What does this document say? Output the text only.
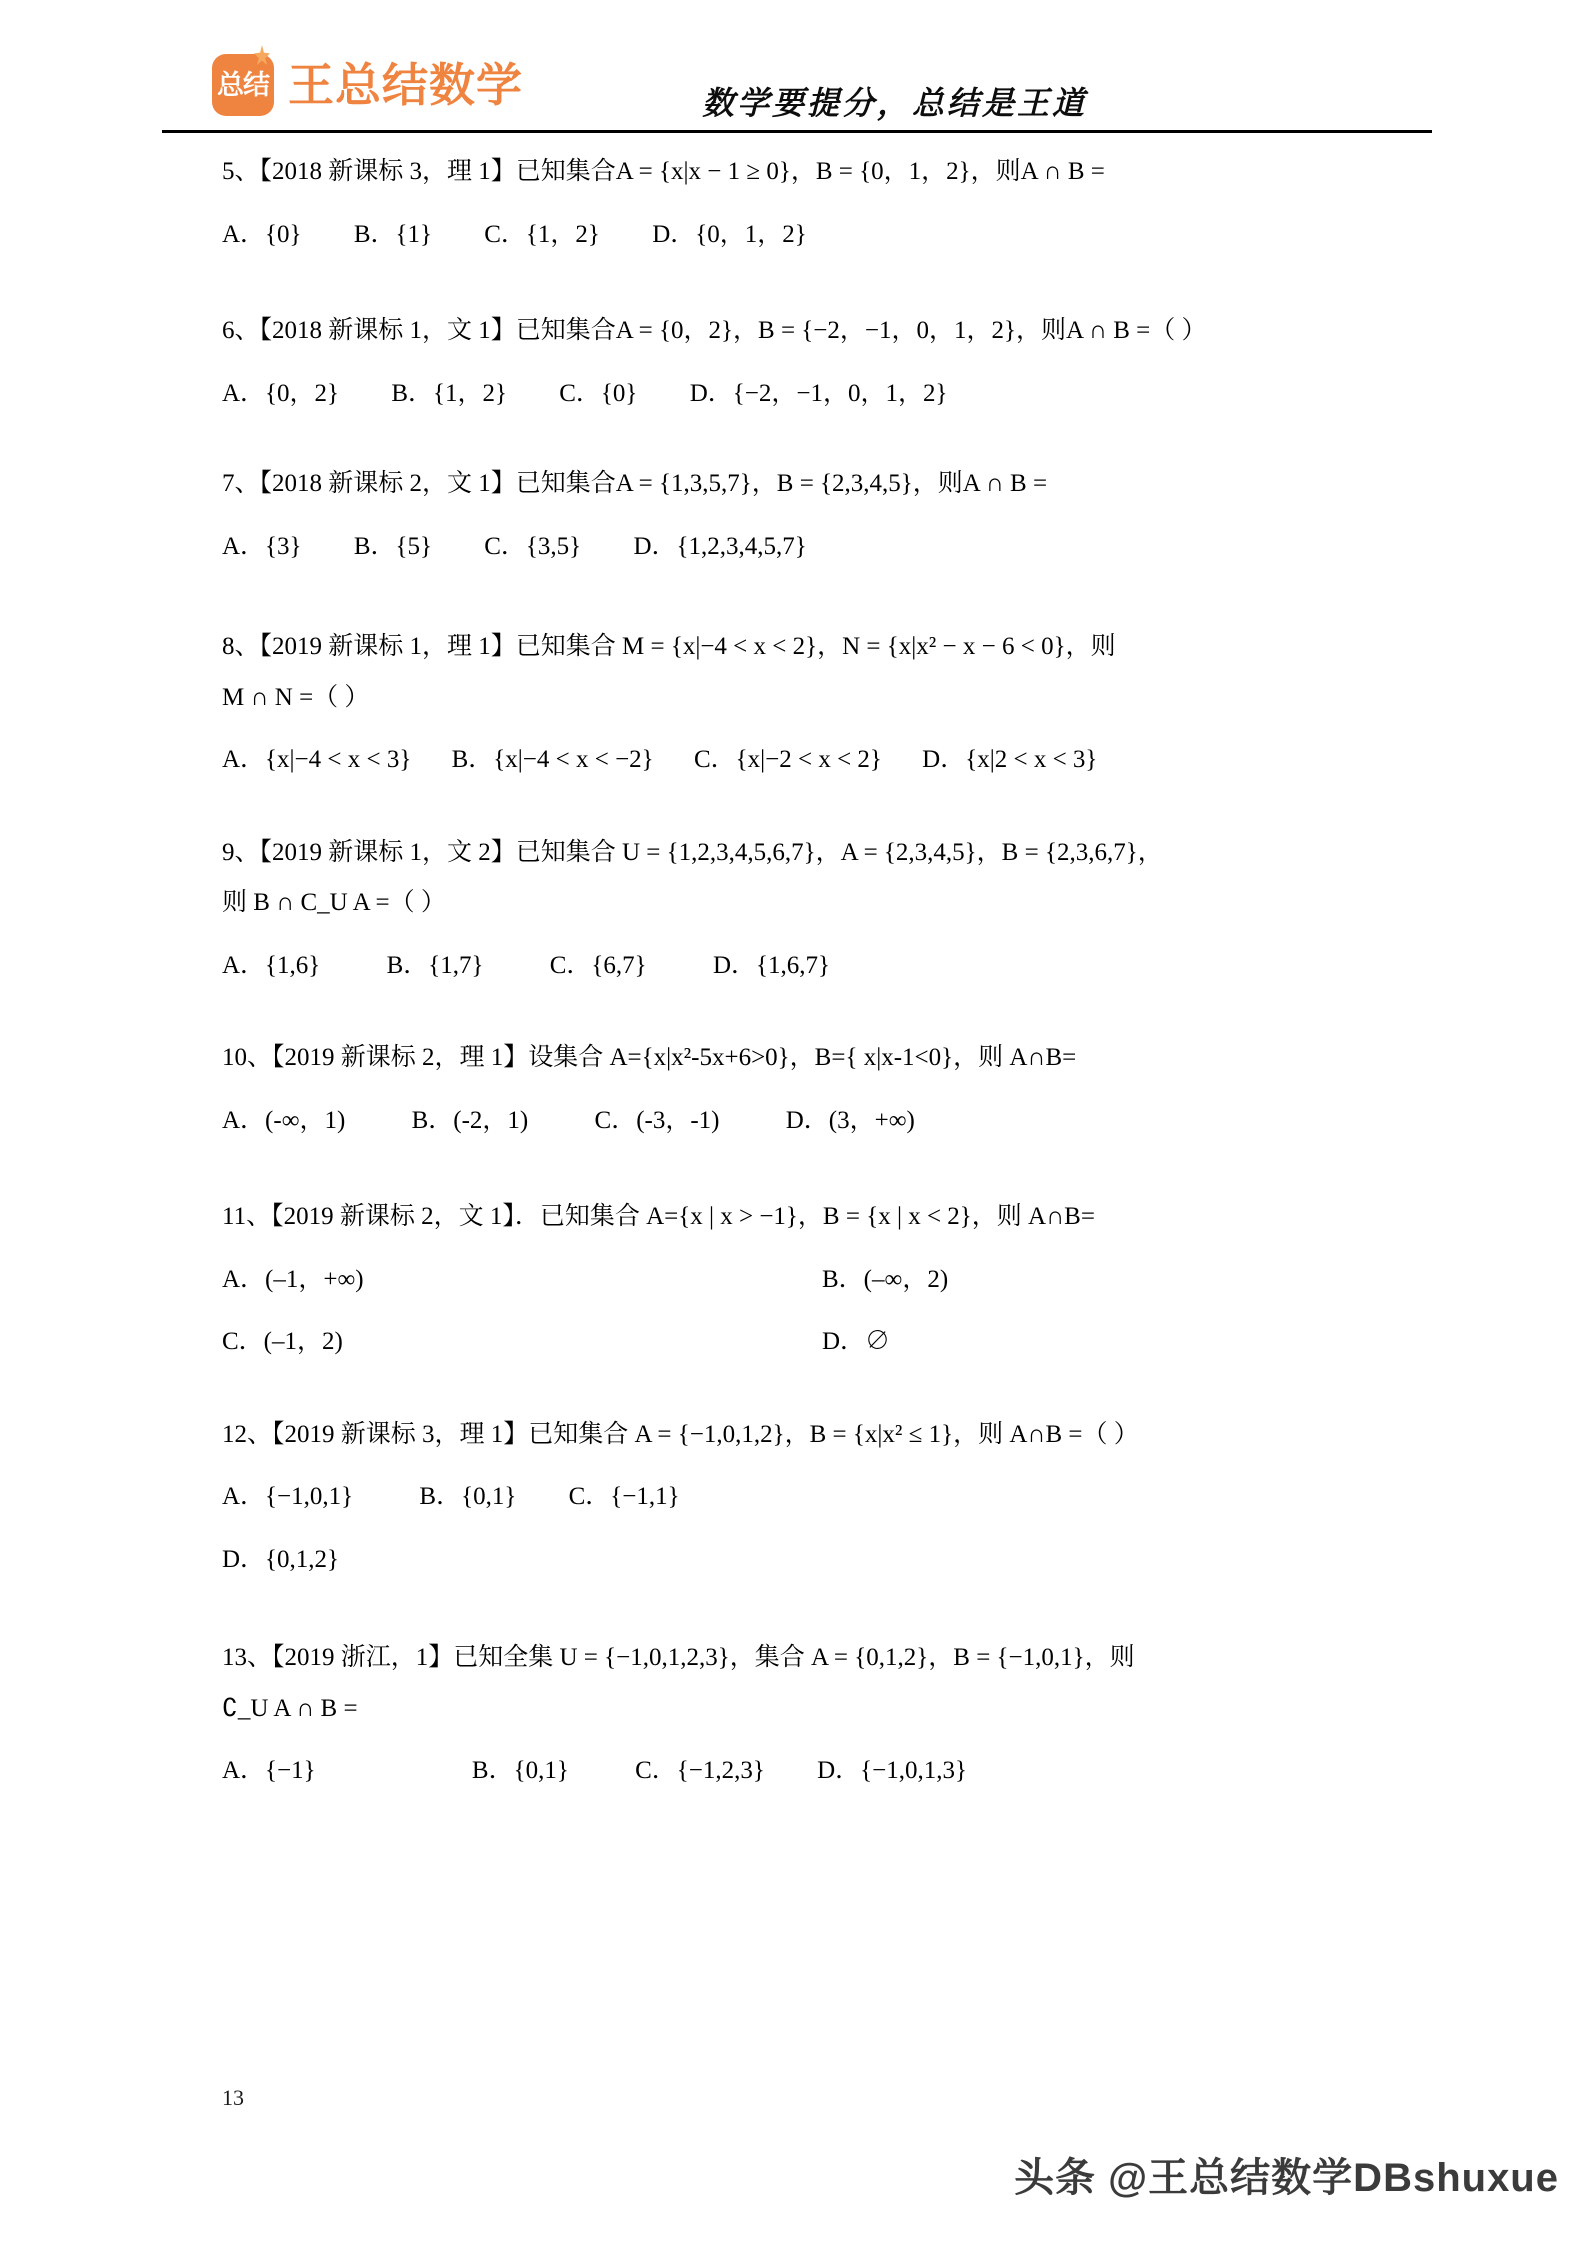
总结 王总结数学	数学要提分，总结是王道
5、【2018 新课标 3，理 1】已知集合A = {x|x − 1 ≥ 0}，B = {0，1，2}，则A ∩ B =
A．{0} B．{1} C．{1，2} D．{0，1，2}
6、【2018 新课标 1，文 1】已知集合A = {0，2}，B = {−2，−1，0，1，2}，则A ∩ B =（ ）
A．{0，2} B．{1，2} C．{0} D．{−2，−1，0，1，2}
7、【2018 新课标 2，文 1】已知集合A = {1,3,5,7}，B = {2,3,4,5}，则A ∩ B =
A．{3} B．{5} C．{3,5} D．{1,2,3,4,5,7}
8、【2019 新课标 1，理 1】已知集合 M = {x|−4 < x < 2}，N = {x|x² − x − 6 < 0}，则
M ∩ N =（ ）
A．{x|−4 < x < 3} B．{x|−4 < x < −2} C．{x|−2 < x < 2} D．{x|2 < x < 3}
9、【2019 新课标 1，文 2】已知集合 U = {1,2,3,4,5,6,7}，A = {2,3,4,5}，B = {2,3,6,7}，
则 B ∩ C_U A =（ ）
A．{1,6}	B．{1,7}	C．{6,7}	D．{1,6,7}
10、【2019 新课标 2，理 1】设集合 A={x|x²-5x+6>0}，B={ x|x-1<0}，则 A∩B=
A．(-∞，1)	B．(-2，1)	C．(-3，-1)	D．(3，+∞)
11、【2019 新课标 2，文 1】．已知集合 A={x | x > −1}，B = {x | x < 2}，则 A∩B=
A．(–1，+∞)	B．(–∞，2)
C．(–1，2)	D．∅
12、【2019 新课标 3，理 1】已知集合 A = {−1,0,1,2}，B = {x|x² ≤ 1}，则 A∩B =（ ）
A．{−1,0,1}	B．{0,1} C．{−1,1}
D．{0,1,2}
13、【2019 浙江，1】已知全集 U = {−1,0,1,2,3}，集合 A = {0,1,2}，B = {−1,0,1}，则
∁_U A ∩ B =
A．{−1}	B．{0,1}	C．{−1,2,3} D．{−1,0,1,3}
13
头条 @王总结数学DBshuxue
